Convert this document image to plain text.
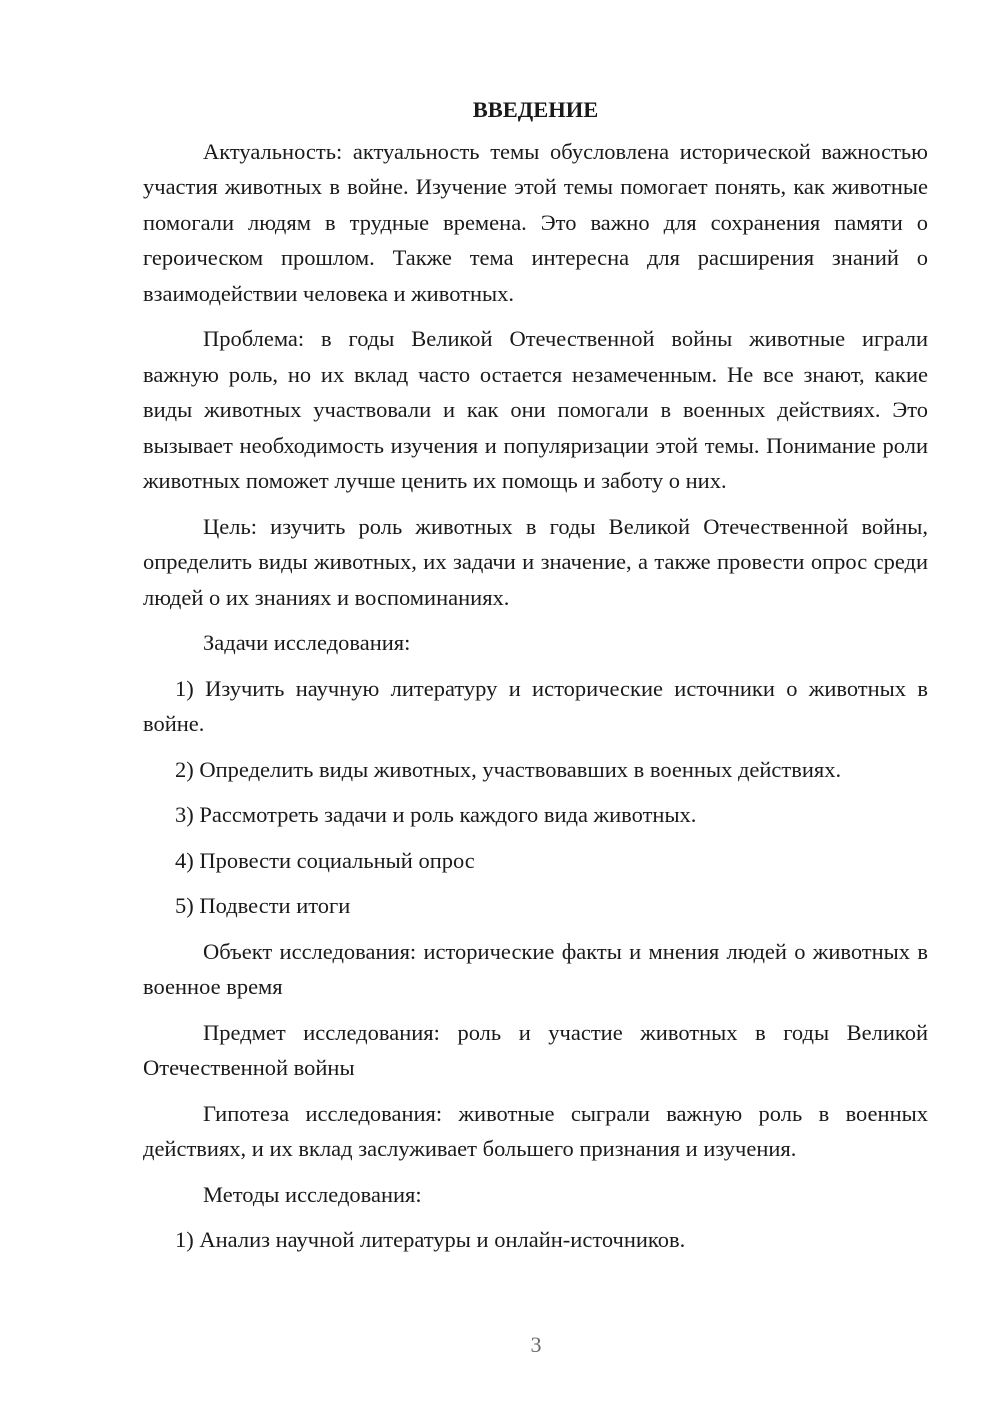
ВВЕДЕНИЕ

Актуальность: актуальность темы обусловлена исторической важностью участия животных в войне. Изучение этой темы помогает понять, как животные помогали людям в трудные времена. Это важно для сохранения памяти о героическом прошлом. Также тема интересна для расширения знаний о взаимодействии человека и животных.

Проблема: в годы Великой Отечественной войны животные играли важную роль, но их вклад часто остается незамеченным. Не все знают, какие виды животных участвовали и как они помогали в военных действиях. Это вызывает необходимость изучения и популяризации этой темы. Понимание роли животных поможет лучше ценить их помощь и заботу о них.

Цель: изучить роль животных в годы Великой Отечественной войны, определить виды животных, их задачи и значение, а также провести опрос среди людей о их знаниях и воспоминаниях.

Задачи исследования:

1) Изучить научную литературу и исторические источники о животных в войне.

2) Определить виды животных, участвовавших в военных действиях.

3) Рассмотреть задачи и роль каждого вида животных.

4) Провести социальный опрос

5) Подвести итоги

Объект исследования: исторические факты и мнения людей о животных в военное время

Предмет исследования: роль и участие животных в годы Великой Отечественной войны

Гипотеза исследования: животные сыграли важную роль в военных действиях, и их вклад заслуживает большего признания и изучения.

Методы исследования:

1) Анализ научной литературы и онлайн-источников.

3
